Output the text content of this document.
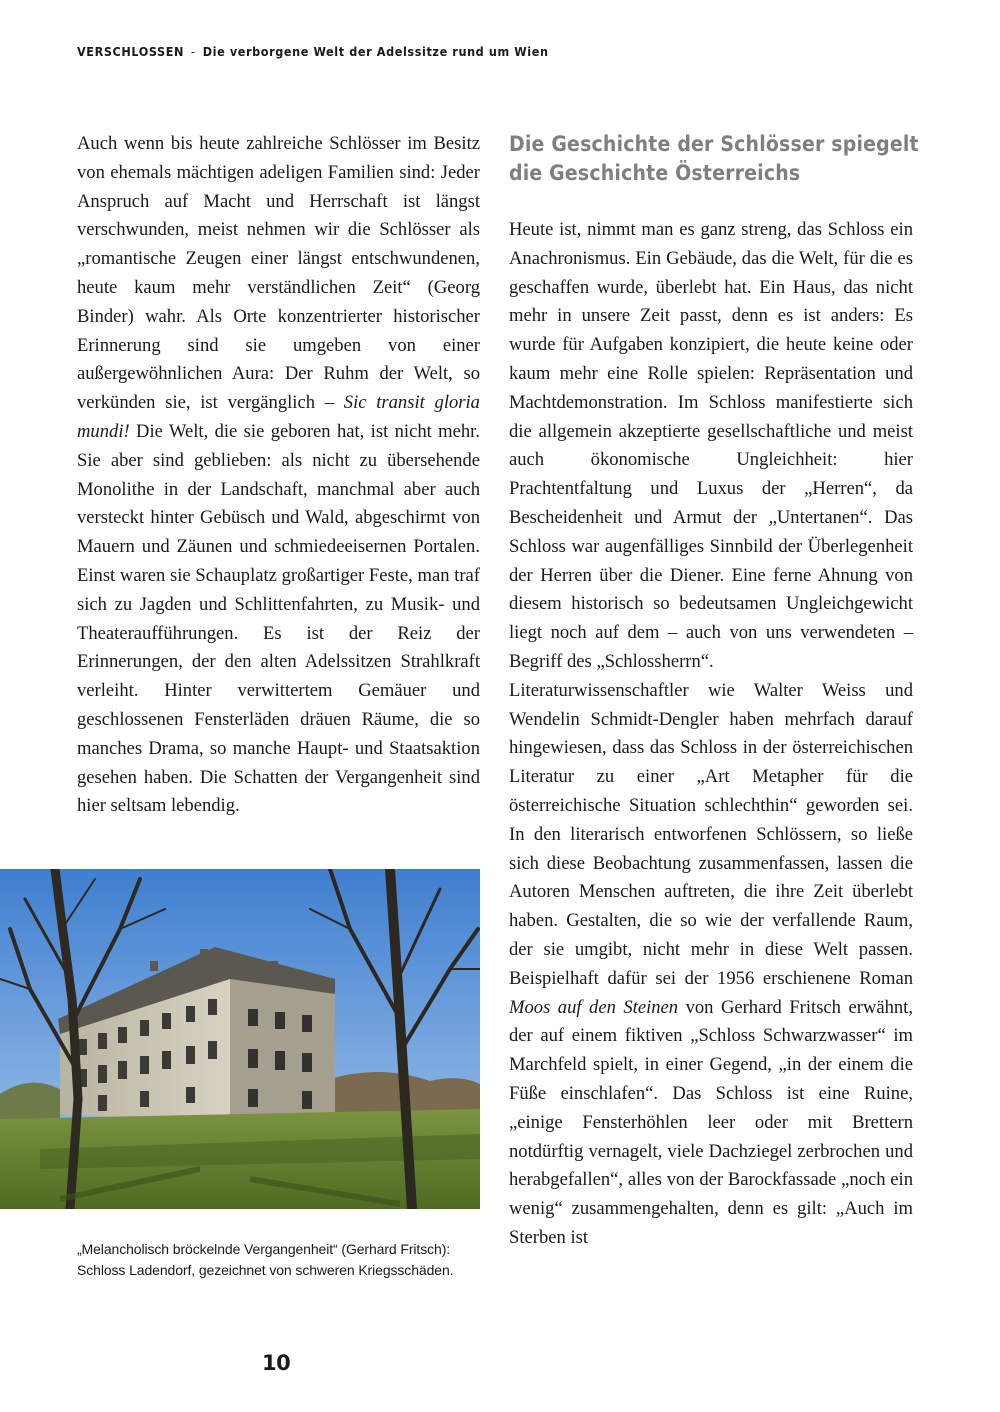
VERSCHLOSSEN - Die verborgene Welt der Adelssitze rund um Wien

Auch wenn bis heute zahlreiche Schlösser im Besitz von ehemals mächtigen adeligen Familien sind: Jeder Anspruch auf Macht und Herrschaft ist längst verschwunden, meist nehmen wir die Schlösser als „romantische Zeugen einer längst entschwundenen, heute kaum mehr verständlichen Zeit“ (Georg Binder) wahr. Als Orte konzentrierter historischer Erinnerung sind sie umgeben von einer außergewöhnlichen Aura: Der Ruhm der Welt, so verkünden sie, ist vergänglich – Sic transit gloria mundi! Die Welt, die sie geboren hat, ist nicht mehr. Sie aber sind geblieben: als nicht zu übersehende Monolithe in der Landschaft, manchmal aber auch versteckt hinter Gebüsch und Wald, abgeschirmt von Mauern und Zäunen und schmiedeeisernen Portalen. Einst waren sie Schauplatz großartiger Feste, man traf sich zu Jagden und Schlittenfahrten, zu Musik- und Theateraufführungen. Es ist der Reiz der Erinnerungen, der den alten Adelssitzen Strahlkraft verleiht. Hinter verwittertem Gemäuer und geschlossenen Fensterläden dräuen Räume, die so manches Drama, so manche Haupt- und Staatsaktion gesehen haben. Die Schatten der Vergangenheit sind hier seltsam lebendig.

Die Geschichte der Schlösser spiegelt
die Geschichte Österreichs

Heute ist, nimmt man es ganz streng, das Schloss ein Anachronismus. Ein Gebäude, das die Welt, für die es geschaffen wurde, überlebt hat. Ein Haus, das nicht mehr in unsere Zeit passt, denn es ist anders: Es wurde für Aufgaben konzipiert, die heute keine oder kaum mehr eine Rolle spielen: Repräsentation und Machtdemonstration. Im Schloss manifestierte sich die allgemein akzeptierte gesellschaftliche und meist auch ökonomische Ungleichheit: hier Prachtentfaltung und Luxus der „Herren“, da Bescheidenheit und Armut der „Untertanen“. Das Schloss war augenfälliges Sinnbild der Überlegenheit der Herren über die Diener. Eine ferne Ahnung von diesem historisch so bedeutsamen Ungleichgewicht liegt noch auf dem – auch von uns verwendeten – Begriff des „Schlossherrn“.

Literaturwissenschaftler wie Walter Weiss und Wendelin Schmidt-Dengler haben mehrfach darauf hingewiesen, dass das Schloss in der österreichischen Literatur zu einer „Art Metapher für die österreichische Situation schlechthin“ geworden sei. In den literarisch entworfenen Schlössern, so ließe sich diese Beobachtung zusammenfassen, lassen die Autoren Menschen auftreten, die ihre Zeit überlebt haben. Gestalten, die so wie der verfallende Raum, der sie umgibt, nicht mehr in diese Welt passen. Beispielhaft dafür sei der 1956 erschienene Roman Moos auf den Steinen von Gerhard Fritsch erwähnt, der auf einem fiktiven „Schloss Schwarzwasser“ im Marchfeld spielt, in einer Gegend, „in der einem die Füße einschlafen“. Das Schloss ist eine Ruine, „einige Fensterhöhlen leer oder mit Brettern notdürftig vernagelt, viele Dachziegel zerbrochen und herabgefallen“, alles von der Barockfassade „noch ein wenig“ zusammengehalten, denn es gilt: „Auch im Sterben ist

„Melancholisch bröckelnde Vergangenheit“ (Gerhard Fritsch):
Schloss Ladendorf, gezeichnet von schweren Kriegsschäden.
10
